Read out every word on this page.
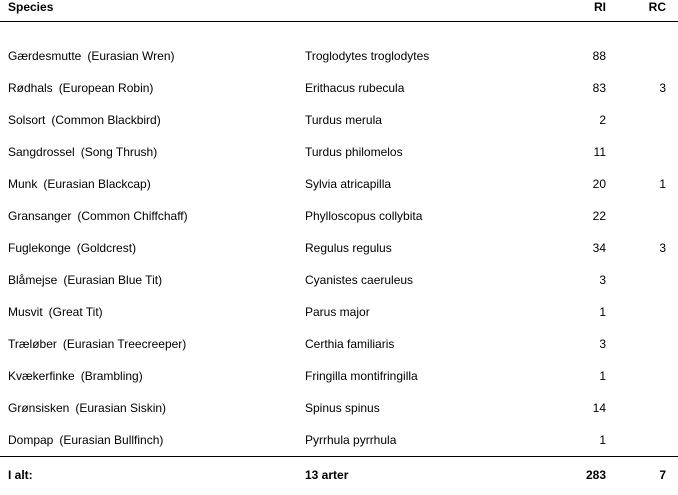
Species		RI	RC

Gærdesmutte (Eurasian Wren)	Troglodytes troglodytes	88	
Rødhals (European Robin)	Erithacus rubecula	83	3
Solsort (Common Blackbird)	Turdus merula	2	
Sangdrossel (Song Thrush)	Turdus philomelos	11	
Munk (Eurasian Blackcap)	Sylvia atricapilla	20	1
Gransanger (Common Chiffchaff)	Phylloscopus collybita	22	
Fuglekonge (Goldcrest)	Regulus regulus	34	3
Blåmejse (Eurasian Blue Tit)	Cyanistes caeruleus	3	
Musvit (Great Tit)	Parus major	1	
Træløber (Eurasian Treecreeper)	Certhia familiaris	3	
Kvækerfinke (Brambling)	Fringilla montifringilla	1	
Grønsisken (Eurasian Siskin)	Spinus spinus	14	
Dompap (Eurasian Bullfinch)	Pyrrhula pyrrhula	1	

I alt:	13 arter	283	7
